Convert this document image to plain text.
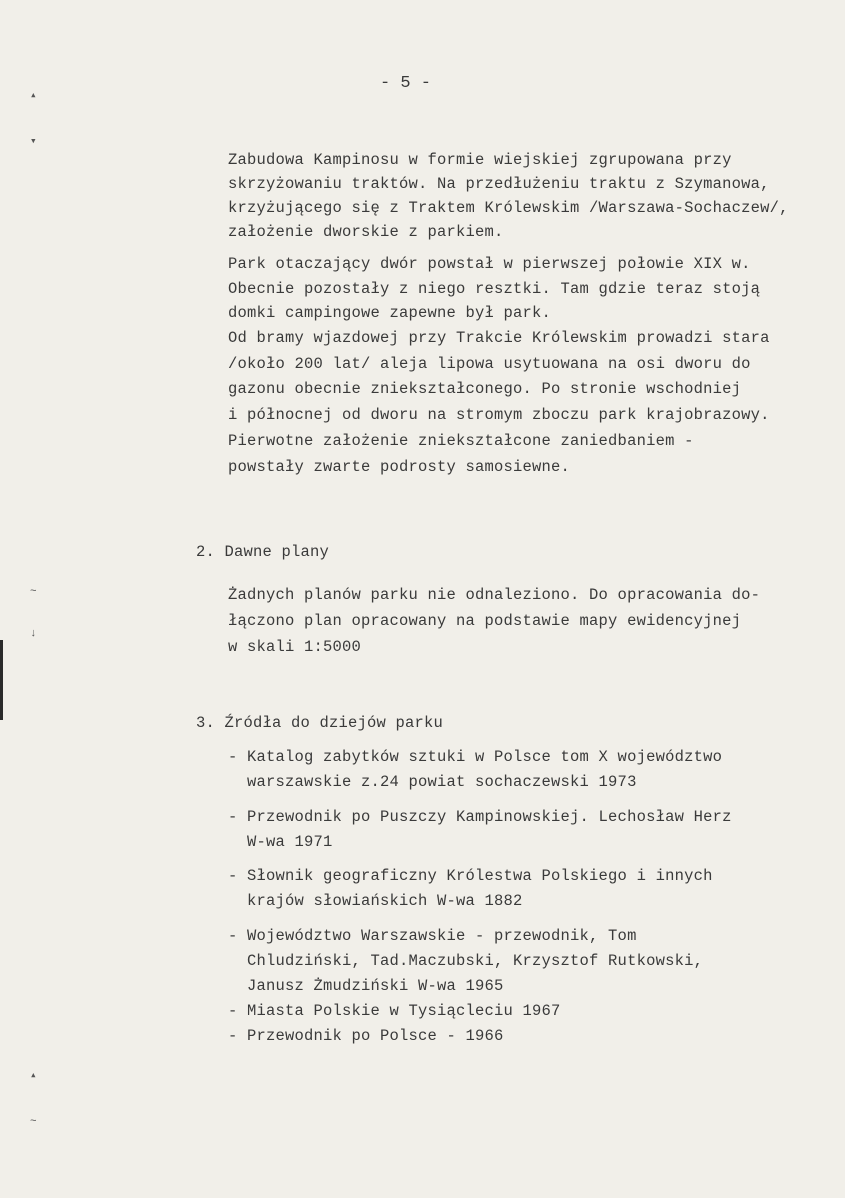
- 5 -
Zabudowa Kampinosu w formie wiejskiej zgrupowana przy
skrzyżowaniu traktów. Na przedłużeniu traktu z Szymanowa,
krzyżującego się z Traktem Królewskim /Warszawa-Sochaczew/,
założenie dworskie z parkiem.
Park otaczający dwór powstał w pierwszej połowie XIX w.
Obecnie pozostały z niego resztki. Tam gdzie teraz stoją
domki campingowe zapewne był park.
Od bramy wjazdowej przy Trakcie Królewskim prowadzi stara
/około 200 lat/ aleja lipowa usytuowana na osi dworu do
gazonu obecnie zniekształconego. Po stronie wschodniej
i północnej od dworu na stromym zboczu park krajobrazowy.
Pierwotne założenie zniekształcone zaniedbaniem -
powstały zwarte podrosty samosiewne.
2. Dawne plany
Żadnych planów parku nie odnaleziono. Do opracowania do-
łączono plan opracowany na podstawie mapy ewidencyjnej
w skali 1:5000
3. Źródła do dziejów parku
- Katalog zabytków sztuki w Polsce tom X województwo
warszawskie z.24 powiat sochaczewski 1973
- Przewodnik po Puszczy Kampinowskiej. Lechosław Herz
W-wa 1971
- Słownik geograficzny Królestwa Polskiego i innych
krajów słowiańskich W-wa 1882
- Województwo Warszawskie - przewodnik, Tom
Chludziński, Tad.Maczubski, Krzysztof Rutkowski,
Janusz Żmudziński W-wa 1965
- Miasta Polskie w Tysiącleciu 1967
- Przewodnik po Polsce - 1966
▴
▾
~
↓
▴
~
